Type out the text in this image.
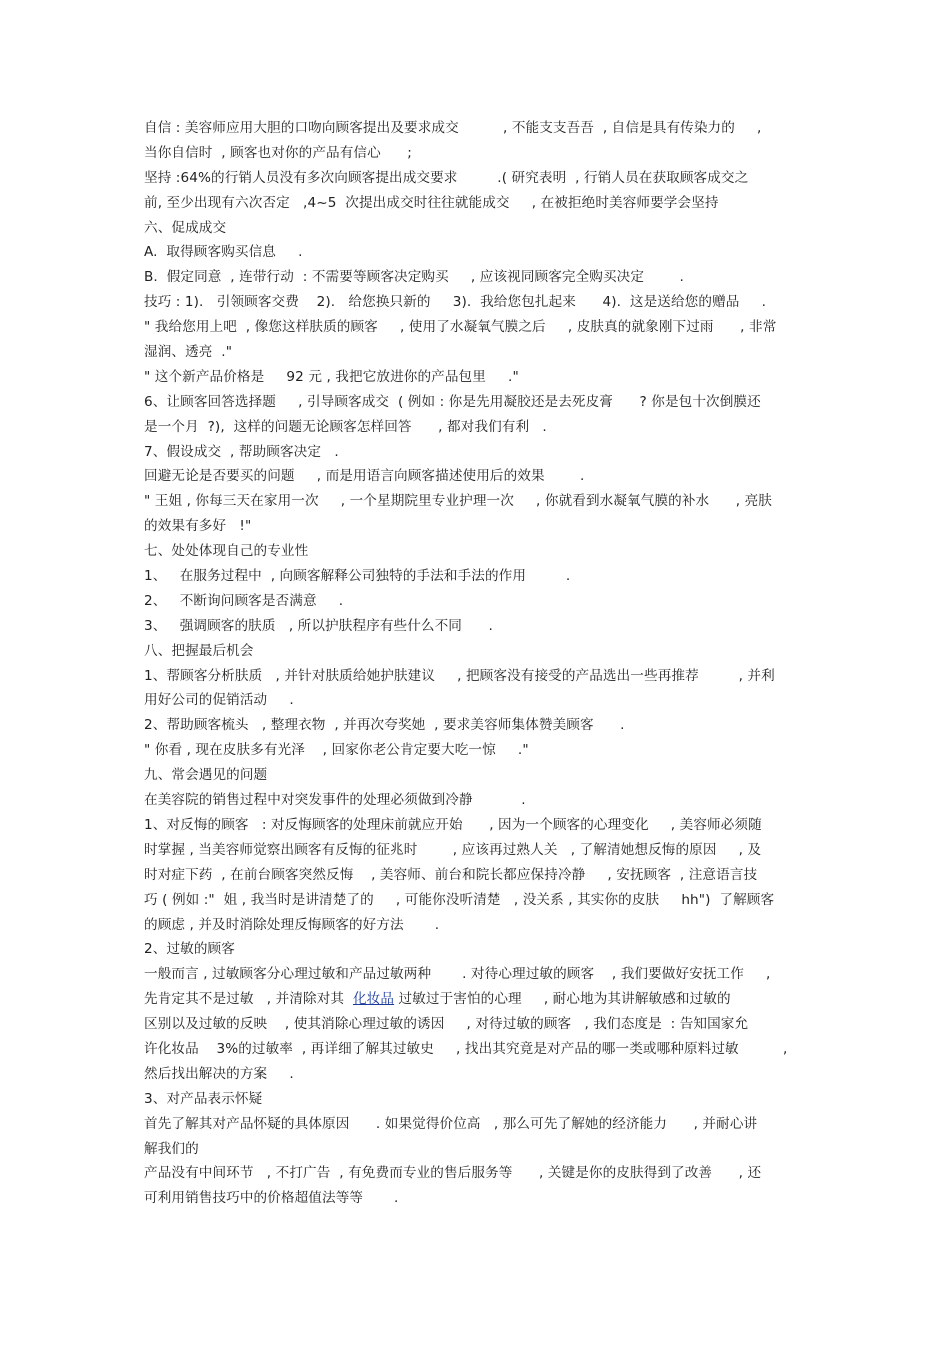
自信 : 美容师应用大胆的口吻向顾客提出及要求成交          , 不能支支吾吾  , 自信是具有传染力的     ,
当你自信时  , 顾客也对你的产品有信心      ;
坚持 :64%的行销人员没有多次向顾客提出成交要求         .( 研究表明  , 行销人员在获取顾客成交之
前, 至少出现有六次否定   ,4~5  次提出成交时往往就能成交     , 在被拒绝时美容师要学会坚持
六、促成成交
A.  取得顾客购买信息     .
B.  假定同意  , 连带行动  : 不需要等顾客决定购买     , 应该视同顾客完全购买决定        .
技巧 : 1).   引领顾客交费    2).   给您换只新的     3).  我给您包扎起来      4).  这是送给您的赠品     .
" 我给您用上吧  , 像您这样肤质的顾客     , 使用了水凝氧气膜之后     , 皮肤真的就象刚下过雨      , 非常
湿润、透亮  ."
" 这个新产品价格是     92 元 , 我把它放进你的产品包里     ."
6、让顾客回答选择题     , 引导顾客成交  ( 例如 : 你是先用凝胶还是去死皮膏      ? 你是包十次倒膜还
是一个月  ?),  这样的问题无论顾客怎样回答      , 都对我们有利   .
7、假设成交  , 帮助顾客决定   .
回避无论是否要买的问题     , 而是用语言向顾客描述使用后的效果        .
" 王姐 , 你每三天在家用一次     , 一个星期院里专业护理一次     , 你就看到水凝氧气膜的补水      , 亮肤
的效果有多好   !"
七、处处体现自己的专业性
1、   在服务过程中  , 向顾客解释公司独特的手法和手法的作用         .
2、   不断询问顾客是否满意     .
3、   强调顾客的肤质   , 所以护肤程序有些什么不同      .
八、把握最后机会
1、帮顾客分析肤质   , 并针对肤质给她护肤建议     , 把顾客没有接受的产品选出一些再推荐         , 并利
用好公司的促销活动     .
2、帮助顾客梳头   , 整理衣物  , 并再次夸奖她  , 要求美容师集体赞美顾客      .
" 你看 , 现在皮肤多有光泽    , 回家你老公肯定要大吃一惊     ."
九、常会遇见的问题
在美容院的销售过程中对突发事件的处理必须做到冷静           .
1、对反悔的顾客   : 对反悔顾客的处理床前就应开始      , 因为一个顾客的心理变化     , 美容师必须随
时掌握 , 当美容师觉察出顾客有反悔的征兆时        , 应该再过熟人关   , 了解清她想反悔的原因     , 及
时对症下药  , 在前台顾客突然反悔    , 美容师、前台和院长都应保持冷静     , 安抚顾客  , 注意语言技
巧 ( 例如 :"  姐 , 我当时是讲清楚了的     , 可能你没听清楚   , 没关系 , 其实你的皮肤     hh")  了解顾客
的顾虑 , 并及时消除处理反悔顾客的好方法       .
2、过敏的顾客
一般而言 , 过敏顾客分心理过敏和产品过敏两种       . 对待心理过敏的顾客    , 我们要做好安抚工作     ,
先肯定其不是过敏   , 并清除对其  化妆品 过敏过于害怕的心理     , 耐心地为其讲解敏感和过敏的
区别以及过敏的反映    , 使其消除心理过敏的诱因     , 对待过敏的顾客   , 我们态度是  : 告知国家允
许化妆品    3%的过敏率  , 再详细了解其过敏史     , 找出其究竟是对产品的哪一类或哪种原料过敏          ,
然后找出解决的方案     .
3、对产品表示怀疑
首先了解其对产品怀疑的具体原因      . 如果觉得价位高   , 那么可先了解她的经济能力      , 并耐心讲
解我们的
产品没有中间环节   , 不打广告  , 有免费而专业的售后服务等      , 关键是你的皮肤得到了改善      , 还
可利用销售技巧中的价格超值法等等       .
